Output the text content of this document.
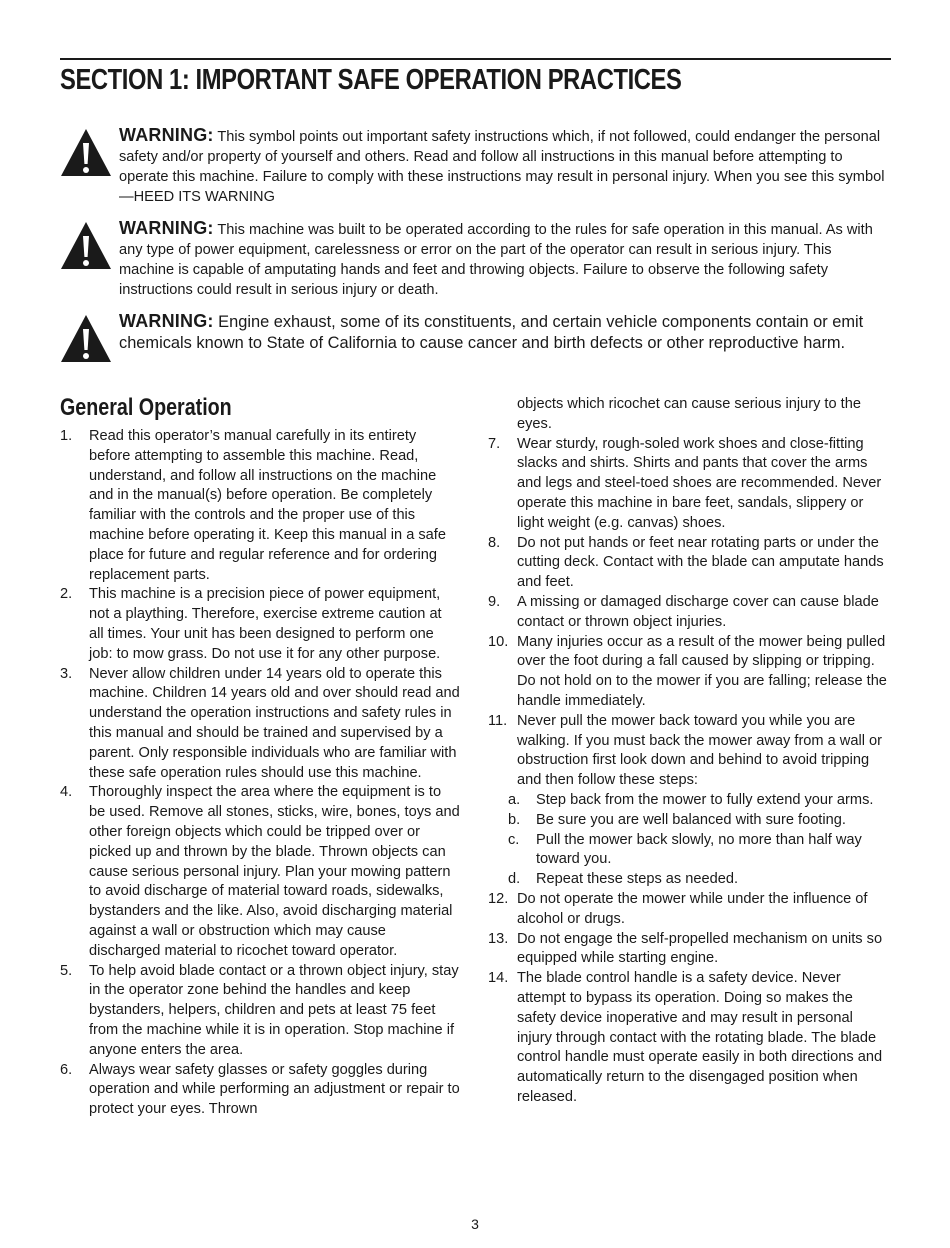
SECTION 1: IMPORTANT SAFE OPERATION PRACTICES
WARNING: This symbol points out important safety instructions which, if not followed, could endanger the personal safety and/or property of yourself and others. Read and follow all instructions in this manual before attempting to operate this machine. Failure to comply with these instructions may result in personal injury. When you see this symbol—HEED ITS WARNING
WARNING: This machine was built to be operated according to the rules for safe operation in this manual. As with any type of power equipment, carelessness or error on the part of the operator can result in serious injury. This machine is capable of amputating hands and feet and throwing objects. Failure to observe the following safety instructions could result in serious injury or death.
WARNING: Engine exhaust, some of its constituents, and certain vehicle components contain or emit chemicals known to State of California to cause cancer and birth defects or other reproductive harm.
General Operation
1. Read this operator’s manual carefully in its entirety before attempting to assemble this machine. Read, understand, and follow all instructions on the machine and in the manual(s) before operation. Be completely familiar with the controls and the proper use of this machine before operating it. Keep this manual in a safe place for future and regular reference and for ordering replacement parts.
2. This machine is a precision piece of power equipment, not a plaything. Therefore, exercise extreme caution at all times. Your unit has been designed to perform one job: to mow grass. Do not use it for any other purpose.
3. Never allow children under 14 years old to operate this machine. Children 14 years old and over should read and understand the operation instructions and safety rules in this manual and should be trained and supervised by a parent. Only responsible individuals who are familiar with these safe operation rules should use this machine.
4. Thoroughly inspect the area where the equipment is to be used. Remove all stones, sticks, wire, bones, toys and other foreign objects which could be tripped over or picked up and thrown by the blade. Thrown objects can cause serious personal injury. Plan your mowing pattern to avoid discharge of material toward roads, sidewalks, bystanders and the like. Also, avoid discharging material against a wall or obstruction which may cause discharged material to ricochet toward operator.
5. To help avoid blade contact or a thrown object injury, stay in the operator zone behind the handles and keep bystanders, helpers, children and pets at least 75 feet from the machine while it is in operation. Stop machine if anyone enters the area.
6. Always wear safety glasses or safety goggles during operation and while performing an adjustment or repair to protect your eyes. Thrown
objects which ricochet can cause serious injury to the eyes.
7. Wear sturdy, rough-soled work shoes and close-fitting slacks and shirts. Shirts and pants that cover the arms and legs and steel-toed shoes are recommended. Never operate this machine in bare feet, sandals, slippery or light weight (e.g. canvas) shoes.
8. Do not put hands or feet near rotating parts or under the cutting deck. Contact with the blade can amputate hands and feet.
9. A missing or damaged discharge cover can cause blade contact or thrown object injuries.
10. Many injuries occur as a result of the mower being pulled over the foot during a fall caused by slipping or tripping. Do not hold on to the mower if you are falling; release the handle immediately.
11. Never pull the mower back toward you while you are walking. If you must back the mower away from a wall or obstruction first look down and behind to avoid tripping and then follow these steps:
a. Step back from the mower to fully extend your arms.
b. Be sure you are well balanced with sure footing.
c. Pull the mower back slowly, no more than half way toward you.
d. Repeat these steps as needed.
12. Do not operate the mower while under the influence of alcohol or drugs.
13. Do not engage the self-propelled mechanism on units so equipped while starting engine.
14. The blade control handle is a safety device. Never attempt to bypass its operation. Doing so makes the safety device inoperative and may result in personal injury through contact with the rotating blade. The blade control handle must operate easily in both directions and automatically return to the disengaged position when released.
3
